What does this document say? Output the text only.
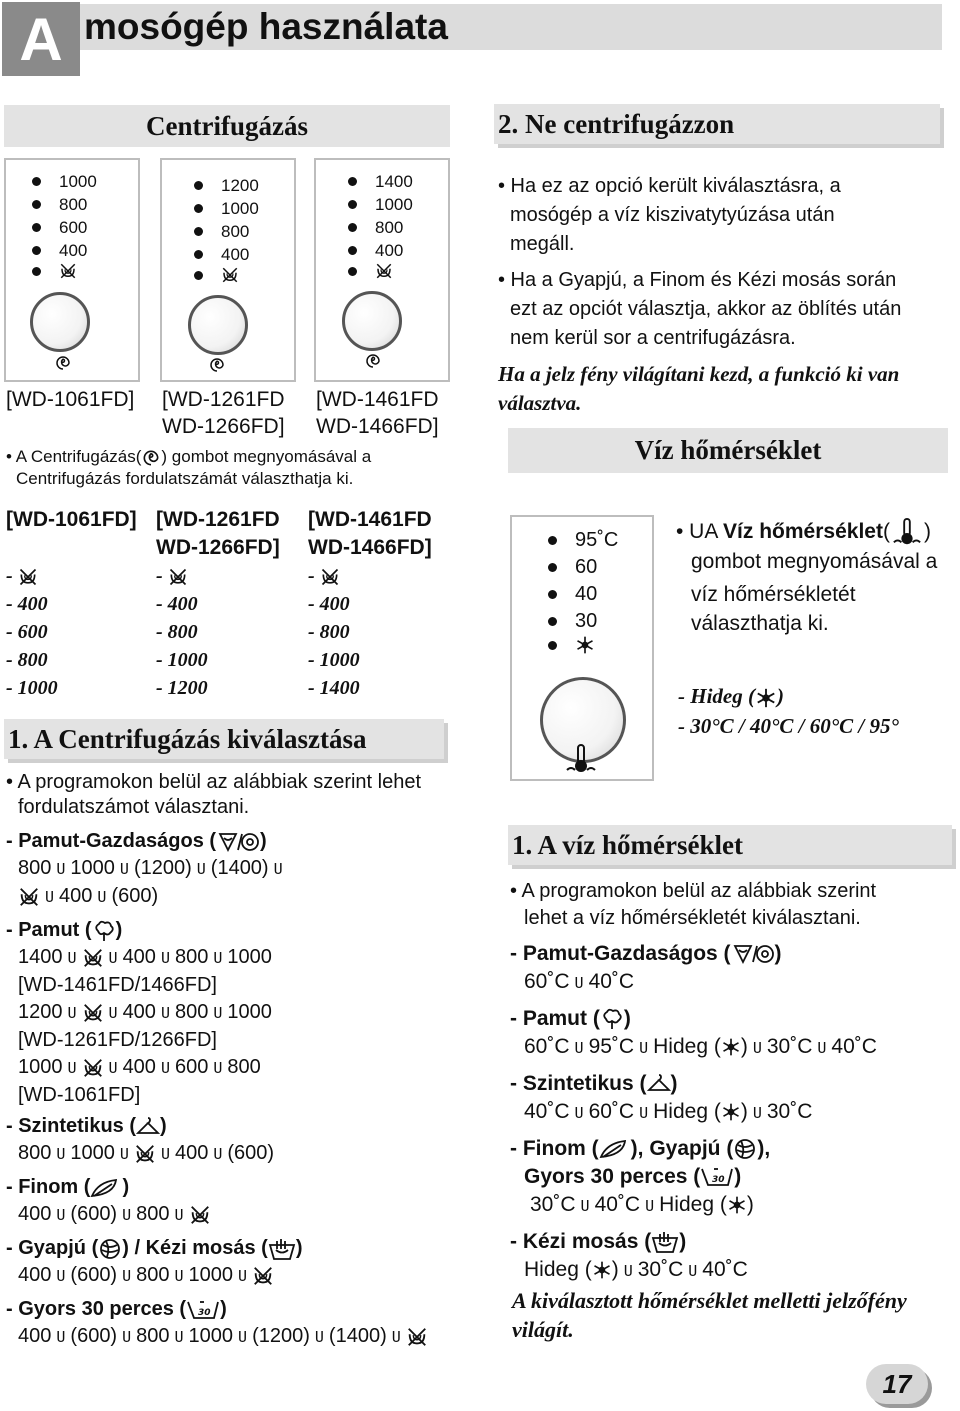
A mosógép használata
Centrifugázás
1000
800
600
400
1200
1000
800
400
1400
1000
800
400
[WD-1061FD] [WD-1261FD
WD-1266FD]
[WD-1461FD
WD-1466FD]
• A Centrifugázás( ) gombot megnyomásával a
Centrifugázás fordulatszámát választhatja ki.
[WD-1061FD]
-
- 400
- 600
- 800
- 1000
[WD-1261FD
WD-1266FD]
-
- 400
- 800
- 1000
- 1200
[WD-1461FD
WD-1466FD]
-
- 400
- 800
- 1000
- 1400
1. A Centrifugázás kiválasztása
• A programokon belül az alábbiak szerint lehet
fordulatszámot választani.
- Pamut-Gazdaságos ( )
800 U 1000 U (1200) U (1400) U
U 400 U (600)
- Pamut ( )
1400 U U 400 U 800 U 1000
[WD-1461FD/1466FD]
1200 U U 400 U 800 U 1000
[WD-1261FD/1266FD]
1000 U U 400 U 600 U 800
[WD-1061FD]
- Szintetikus ( )
800 U 1000 U U 400 U (600)
- Finom ( )
400 U (600) U 800 U
- Gyapjú ( ) / Kézi mosás ( )
400 U (600) U 800 U 1000 U
- Gyors 30 perces ( )
400 U (600) U 800 U 1000 U (1200) U (1400) U
2. Ne centrifugázzon
• Ha ez az opció került kiválasztásra, a
mosógép a víz kiszivatytyúzása után
megáll.
• Ha a Gyapjú, a Finom és Kézi mosás során
ezt az opciót választja, akkor az öblítés után
nem kerül sor a centrifugázásra.
Ha a jelz fény világítani kezd, a funkció ki van
választva.
Víz hőmérséklet
95˚C
60
40
30
• UA Víz hőmérséklet( )
gombot megnyomásával a
víz hőmérsékletét
választhatja ki.
- Hideg ( )
- 30°C / 40°C / 60°C / 95°
1. A víz hőmérséklet
• A programokon belül az alábbiak szerint
lehet a víz hőmérsékletét kiválasztani.
- Pamut-Gazdaságos ( )
60˚C U 40˚C
- Pamut ( )
60˚C U 95˚C U Hideg ( ) U 30˚C U 40˚C
- Szintetikus ( )
40˚C U 60˚C U Hideg ( ) U 30˚C
- Finom ( ), Gyapjú ( ),
Gyors 30 perces ( )
30˚C U 40˚C U Hideg ( )
- Kézi mosás ( )
Hideg ( ) U 30˚C U 40˚C
A kiválasztott hőmérséklet melletti jelzőfény
világít.
17
